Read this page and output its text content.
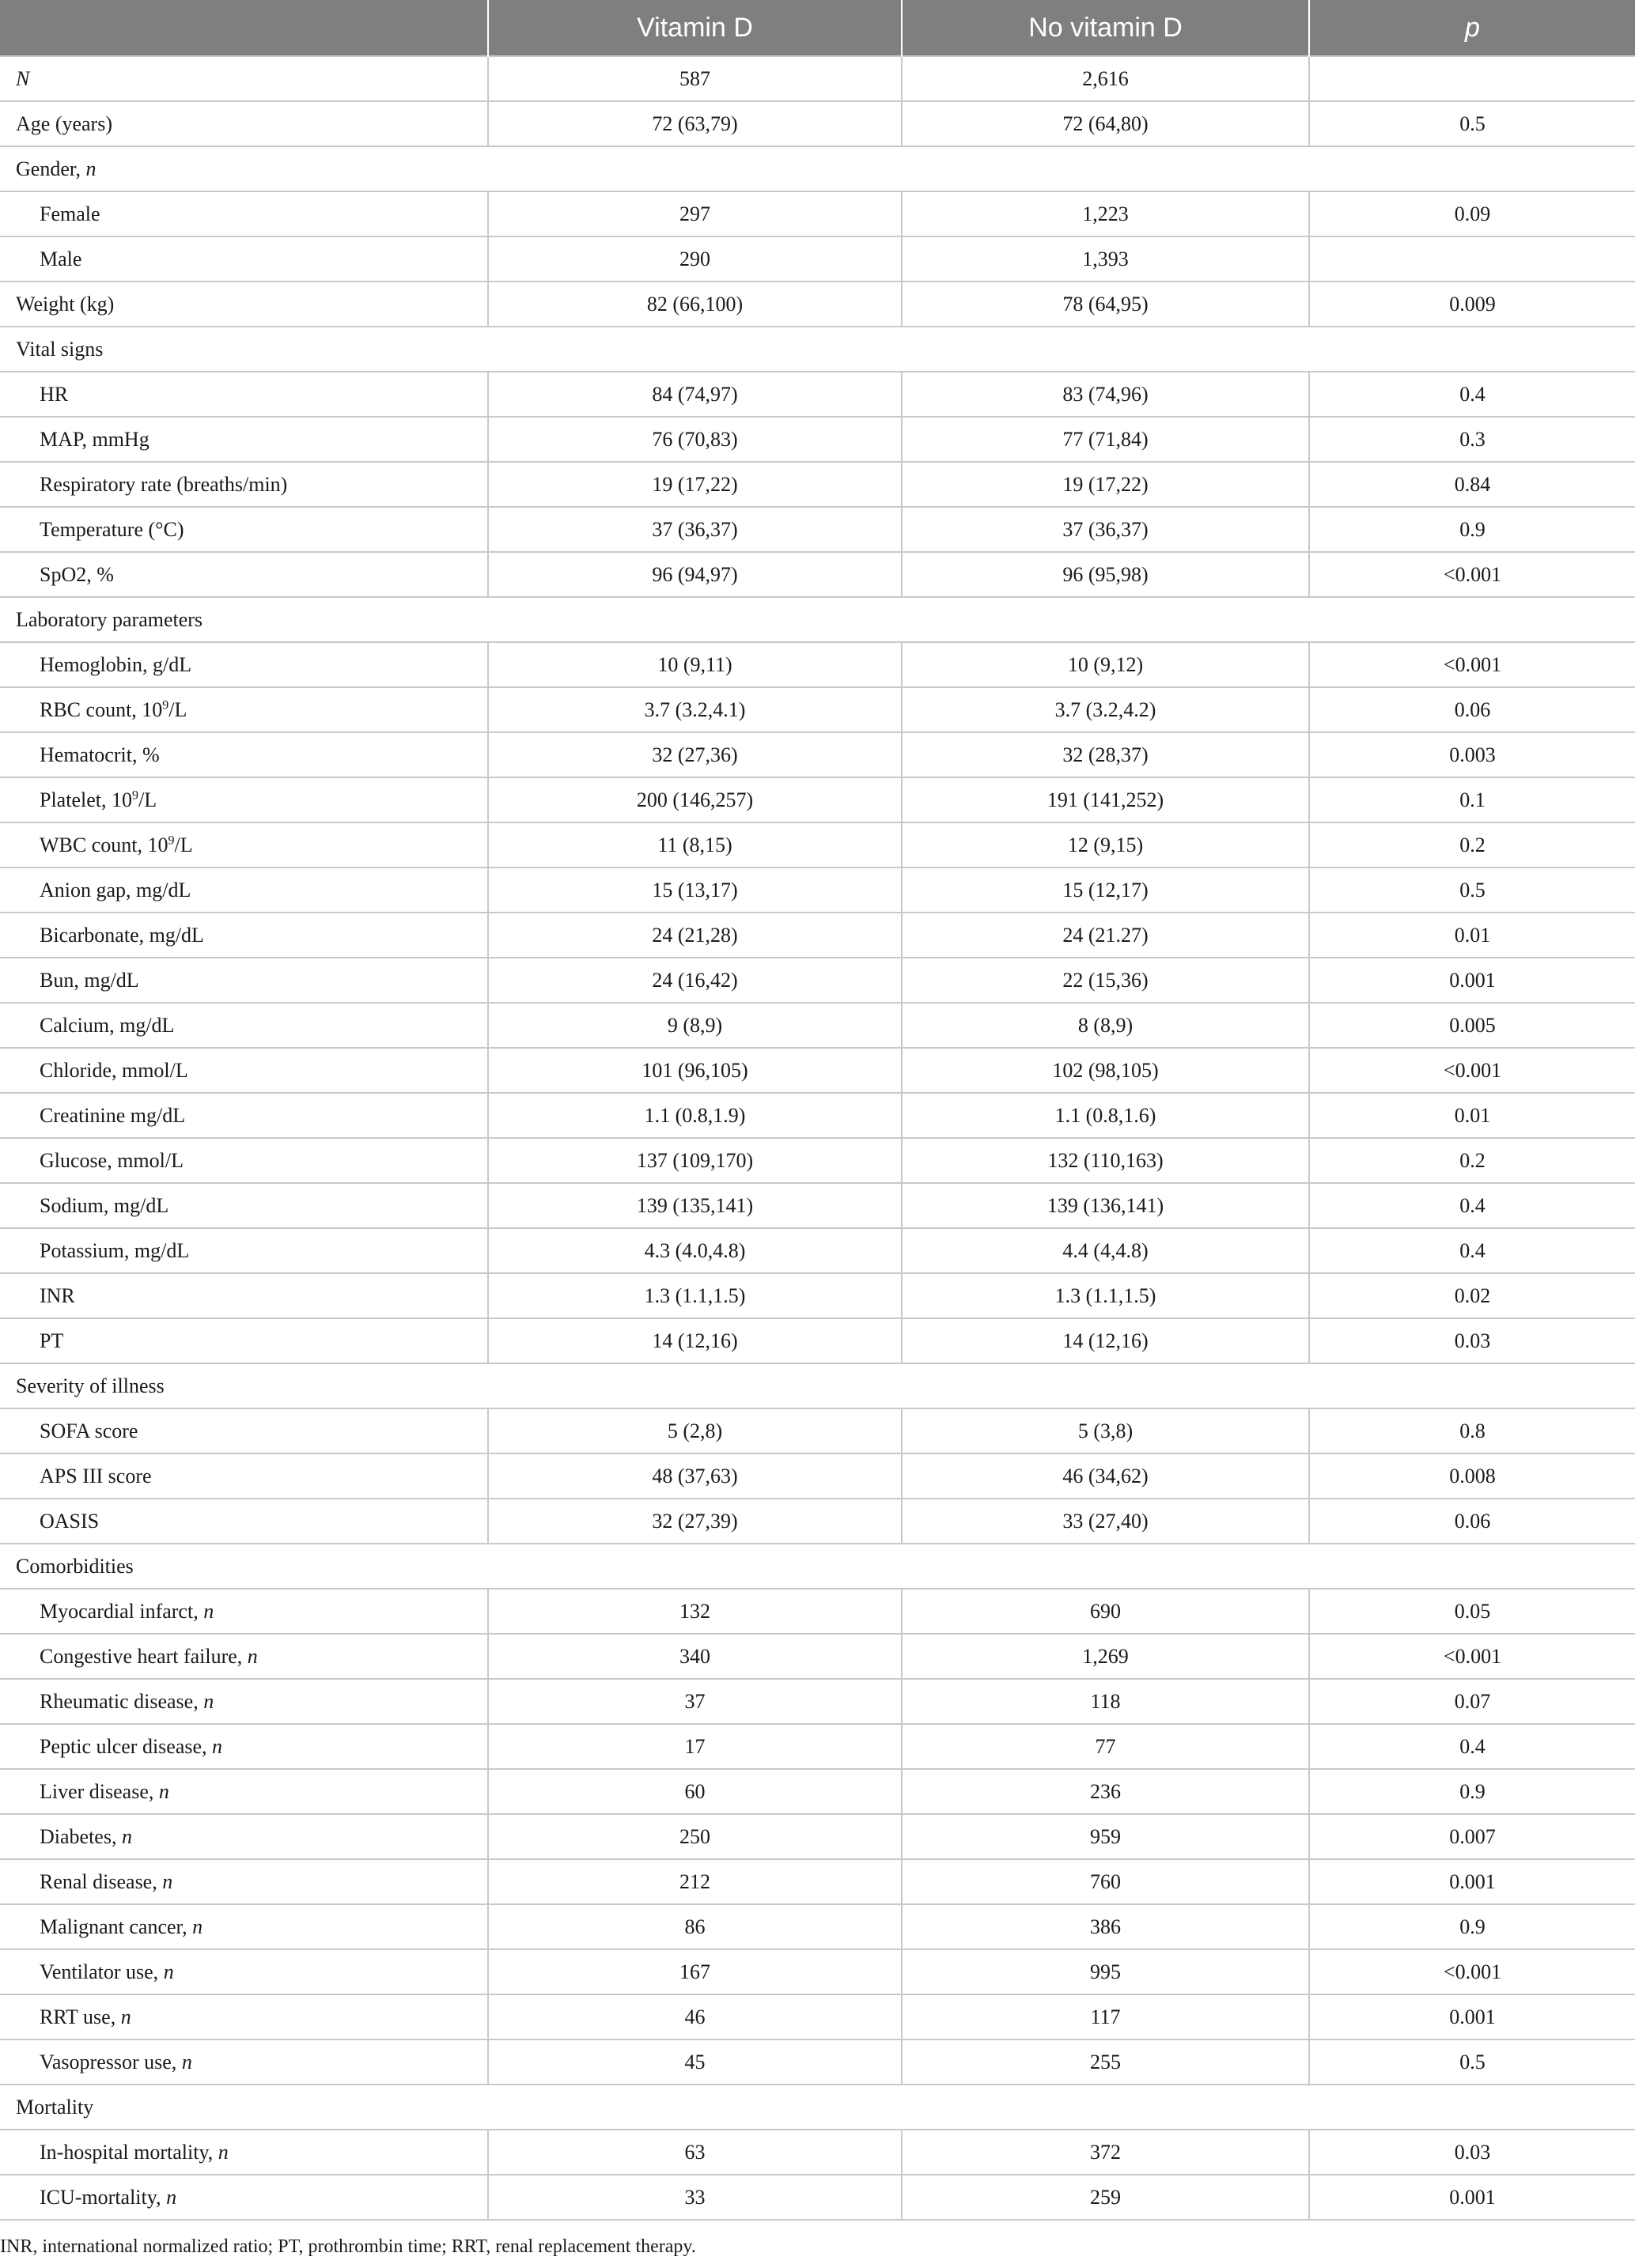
	Vitamin D	No vitamin D	p
N	587	2,616	
Age (years)	72 (63,79)	72 (64,80)	0.5
Gender, n			
Female	297	1,223	0.09
Male	290	1,393	
Weight (kg)	82 (66,100)	78 (64,95)	0.009
Vital signs			
HR	84 (74,97)	83 (74,96)	0.4
MAP, mmHg	76 (70,83)	77 (71,84)	0.3
Respiratory rate (breaths/min)	19 (17,22)	19 (17,22)	0.84
Temperature (°C)	37 (36,37)	37 (36,37)	0.9
SpO2, %	96 (94,97)	96 (95,98)	<0.001
Laboratory parameters			
Hemoglobin, g/dL	10 (9,11)	10 (9,12)	<0.001
RBC count, $10^9/L$	3.7 (3.2,4.1)	3.7 (3.2,4.2)	0.06
Hematocrit, %	32 (27,36)	32 (28,37)	0.003
Platelet, $10^9/L$	200 (146,257)	191 (141,252)	0.1
WBC count, $10^9/L$	11 (8,15)	12 (9,15)	0.2
Anion gap, mg/dL	15 (13,17)	15 (12,17)	0.5
Bicarbonate, mg/dL	24 (21,28)	24 (21.27)	0.01
Bun, mg/dL	24 (16,42)	22 (15,36)	0.001
Calcium, mg/dL	9 (8,9)	8 (8,9)	0.005
Chloride, mmol/L	101 (96,105)	102 (98,105)	<0.001
Creatinine mg/dL	1.1 (0.8,1.9)	1.1 (0.8,1.6)	0.01
Glucose, mmol/L	137 (109,170)	132 (110,163)	0.2
Sodium, mg/dL	139 (135,141)	139 (136,141)	0.4
Potassium, mg/dL	4.3 (4.0,4.8)	4.4 (4,4.8)	0.4
INR	1.3 (1.1,1.5)	1.3 (1.1,1.5)	0.02
PT	14 (12,16)	14 (12,16)	0.03
Severity of illness			
SOFA score	5 (2,8)	5 (3,8)	0.8
APS III score	48 (37,63)	46 (34,62)	0.008
OASIS	32 (27,39)	33 (27,40)	0.06
Comorbidities			
Myocardial infarct, n	132	690	0.05
Congestive heart failure, n	340	1,269	<0.001
Rheumatic disease, n	37	118	0.07
Peptic ulcer disease, n	17	77	0.4
Liver disease, n	60	236	0.9
Diabetes, n	250	959	0.007
Renal disease, n	212	760	0.001
Malignant cancer, n	86	386	0.9
Ventilator use, n	167	995	<0.001
RRT use, n	46	117	0.001
Vasopressor use, n	45	255	0.5
Mortality			
In-hospital mortality, n	63	372	0.03
ICU-mortality, n	33	259	0.001
INR, international normalized ratio; PT, prothrombin time; RRT, renal replacement therapy.
